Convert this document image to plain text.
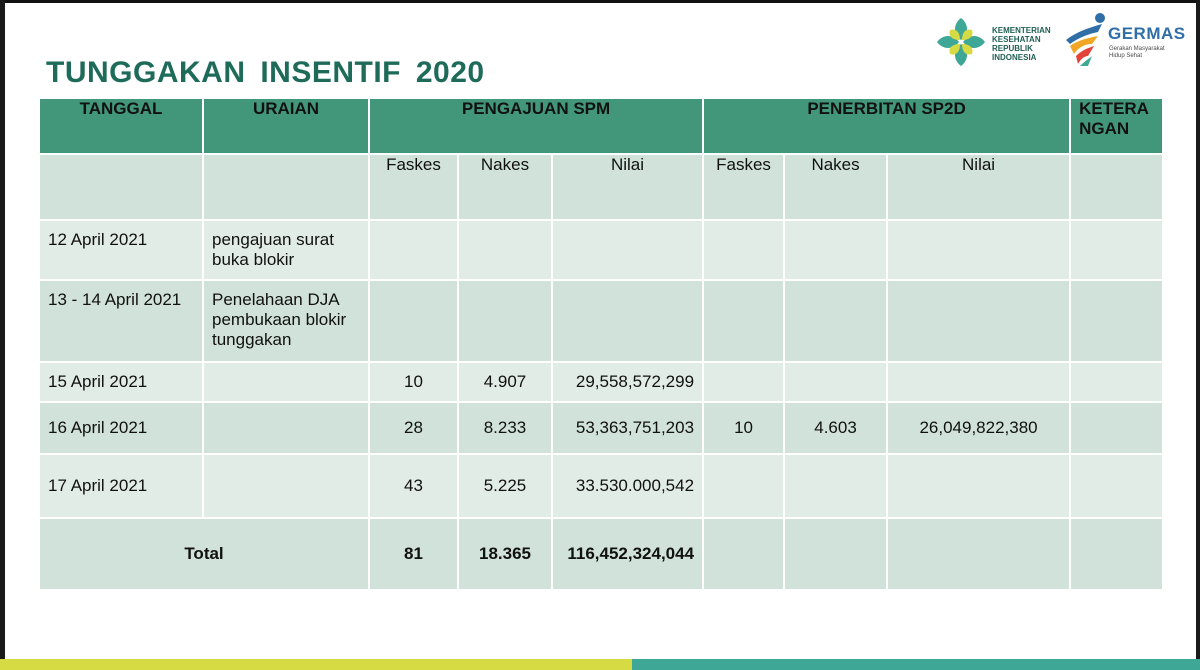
TUNGGAKAN INSENTIF 2020
KEMENTERIAN
KESEHATAN
REPUBLIK
INDONESIA
GERMAS
Gerakan Masyarakat
Hidup Sehat
TANGGAL	URAIAN	PENGAJUAN SPM			PENERBITAN SP2D			KETERA
NGAN
		Faskes	Nakes	Nilai	Faskes	Nakes	Nilai	
12 April 2021	pengajuan surat
buka blokir							
13 - 14 April 2021	Penelahaan DJA
pembukaan blokir
tunggakan							
15 April 2021		10	4.907	29,558,572,299				
16 April 2021		28	8.233	53,363,751,203	10	4.603	26,049,822,380	
17 April 2021		43	5.225	33.530.000,542				
Total		81	18.365	116,452,324,044				
